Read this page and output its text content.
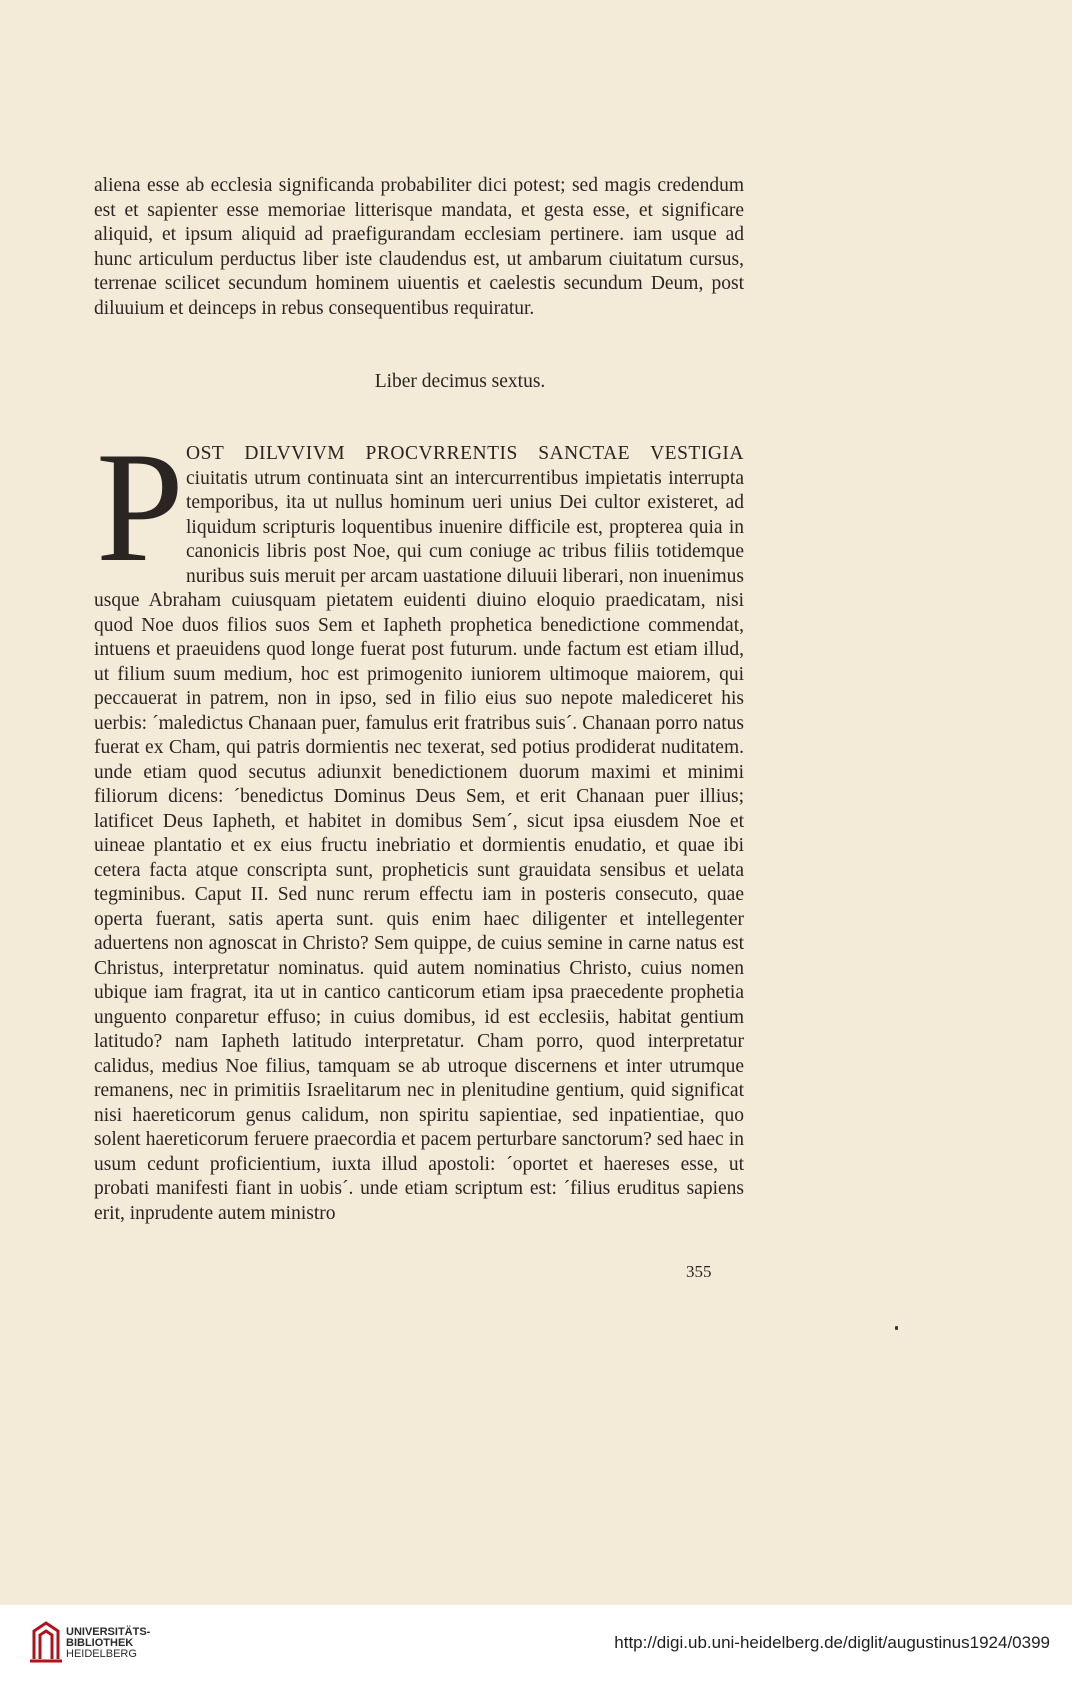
aliena esse ab ecclesia significanda probabiliter dici potest; sed magis credendum est et sapienter esse memoriae litterisque mandata, et gesta esse, et significare aliquid, et ipsum aliquid ad praefigurandam ecclesiam pertinere. iam usque ad hunc articulum perductus liber iste claudendus est, ut ambarum ciuitatum cursus, terrenae scilicet secundum hominem uiuentis et caelestis secundum Deum, post diluuium et deinceps in rebus consequentibus requiratur.
Liber decimus sextus.
P OST DILVVIVM PROCVRRENTIS SANCTAE VESTIGIA ciuitatis utrum continuata sint an intercurrentibus impietatis interrupta temporibus, ita ut nullus hominum ueri unius Dei cultor existeret, ad liquidum scripturis loquentibus inuenire difficile est, propterea quia in canonicis libris post Noe, qui cum coniuge ac tribus filiis totidemque nuribus suis meruit per arcam uastatione diluuii liberari, non inuenimus usque Abraham cuiusquam pietatem euidenti diuino eloquio praedicatam, nisi quod Noe duos filios suos Sem et Iapheth prophetica benedictione commendat, intuens et praeuidens quod longe fuerat post futurum. unde factum est etiam illud, ut filium suum medium, hoc est primogenito iuniorem ultimoque maiorem, qui peccauerat in patrem, non in ipso, sed in filio eius suo nepote malediceret his uerbis: ´maledictus Chanaan puer, famulus erit fratribus suis´. Chanaan porro natus fuerat ex Cham, qui patris dormientis nec texerat, sed potius prodiderat nuditatem. unde etiam quod secutus adiunxit benedictionem duorum maximi et minimi filiorum dicens: ´benedictus Dominus Deus Sem, et erit Chanaan puer illius; latificet Deus Iapheth, et habitet in domibus Sem´, sicut ipsa eiusdem Noe et uineae plantatio et ex eius fructu inebriatio et dormientis enudatio, et quae ibi cetera facta atque conscripta sunt, propheticis sunt grauidata sensibus et uelata tegminibus. Caput II. Sed nunc rerum effectu iam in posteris consecuto, quae operta fuerant, satis aperta sunt. quis enim haec diligenter et intellegenter aduertens non agnoscat in Christo? Sem quippe, de cuius semine in carne natus est Christus, interpretatur nominatus. quid autem nominatius Christo, cuius nomen ubique iam fragrat, ita ut in cantico canticorum etiam ipsa praecedente prophetia unguento conparetur effuso; in cuius domibus, id est ecclesiis, habitat gentium latitudo? nam Iapheth latitudo interpretatur. Cham porro, quod interpretatur calidus, medius Noe filius, tamquam se ab utroque discernens et inter utrumque remanens, nec in primitiis Israelitarum nec in plenitudine gentium, quid significat nisi haereticorum genus calidum, non spiritu sapientiae, sed inpatientiae, quo solent haereticorum feruere praecordia et pacem perturbare sanctorum? sed haec in usum cedunt proficientium, iuxta illud apostoli: ´oportet et haereses esse, ut probati manifesti fiant in uobis´. unde etiam scriptum est: ´filius eruditus sapiens erit, inprudente autem ministro
355
UNIVERSITÄTS-
BIBLIOTHEK
HEIDELBERG
http://digi.ub.uni-heidelberg.de/diglit/augustinus1924/0399
